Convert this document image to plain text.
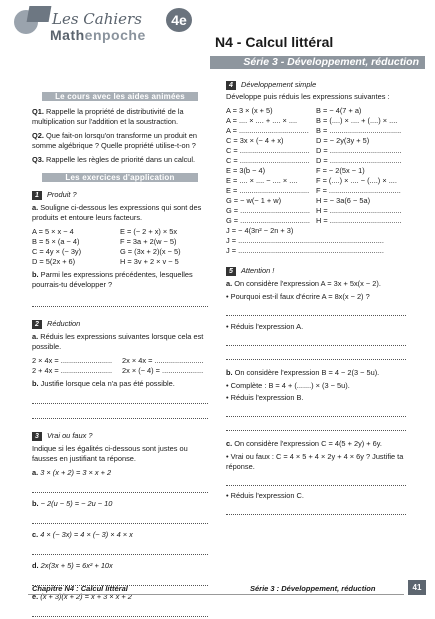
Les Cahiers
Mathenpoche
4e
N4 - Calcul littéral
Série 3 - Développement, réduction
Le cours avec les aides animées
Q1. Rappelle la propriété de distributivité de la multiplication sur l'addition et la soustraction.
Q2. Que fait-on lorsqu'on transforme un produit en somme algébrique ? Quelle propriété utilise-t-on ?
Q3. Rappelle les règles de priorité dans un calcul.
Les exercices d'application
1 Produit ?
a. Souligne ci-dessous les expressions qui sont des produits et entoure leurs facteurs.
A = 5 × x − 4	E = (− 2 + x) × 5x
B = 5 × (a − 4)	F = 3a + 2(w − 5)
C = 4y × (− 3y)	G = (3x + 2)(x − 5)
D = 5(2x + 6)	H = 3v + 2 × v − 5
b. Parmi les expressions précédentes, lesquelles pourrais-tu développer ?
2 Réduction
a. Réduis les expressions suivantes lorsque cela est possible.
2 × 4x = .........................	2x × 4x = ........................
2 + 4x = .........................	2x × (− 4) = ....................
b. Justifie lorsque cela n'a pas été possible.
3 Vrai ou faux ?
Indique si les égalités ci-dessous sont justes ou fausses en justifiant ta réponse.
a. 3 × (x + 2) = 3 × x + 2
b. − 2(u − 5) = − 2u − 10
c. 4 × (− 3x) = 4 × (− 3) × 4 × x
d. 2x(3x + 5) = 6x² + 10x
e. (x + 3)(x + 2) = x + 3 × x + 2
4 Développement simple
Développe puis réduis les expressions suivantes :
A = 3 × (x + 5)	B = − 4(7 + a)
A = .... × .... + .... × ....	B = (....) × .... + (....) × ....
A = .................................. B = ...................................
C = 3x × (− 4 + x)	D = − 2y(3y + 5)
C = .................................. D = ...................................
C = .................................. D = ...................................
E = 3(b − 4)	F = − 2(5x − 1)
E = .... × .... − .... × ....	F = (....) × .... − (....) × ....
E = .................................. F = ...................................
G = − w(− 1 + w)	H = − 3a(6 − 5a)
G = .................................. H = ...................................
G = .................................. H = ...................................
J = − 4(3n² − 2n + 3)
J = .......................................................................
J = .......................................................................
5 Attention !
a. On considère l'expression A = 3x + 5x(x − 2).
• Pourquoi est-il faux d'écrire A = 8x(x − 2) ?
• Réduis l'expression A.
b. On considère l'expression B = 4 − 2(3 − 5u).
• Complète : B = 4 + (.......) × (3 − 5u).
• Réduis l'expression B.
c. On considère l'expression C = 4(5 + 2y) + 6y.
• Vrai ou faux : C = 4 × 5 + 4 × 2y + 4 × 6y ? Justifie ta réponse.
• Réduis l'expression C.
Chapitre N4 : Calcul littéral	Série 3 : Développement, réduction	41
